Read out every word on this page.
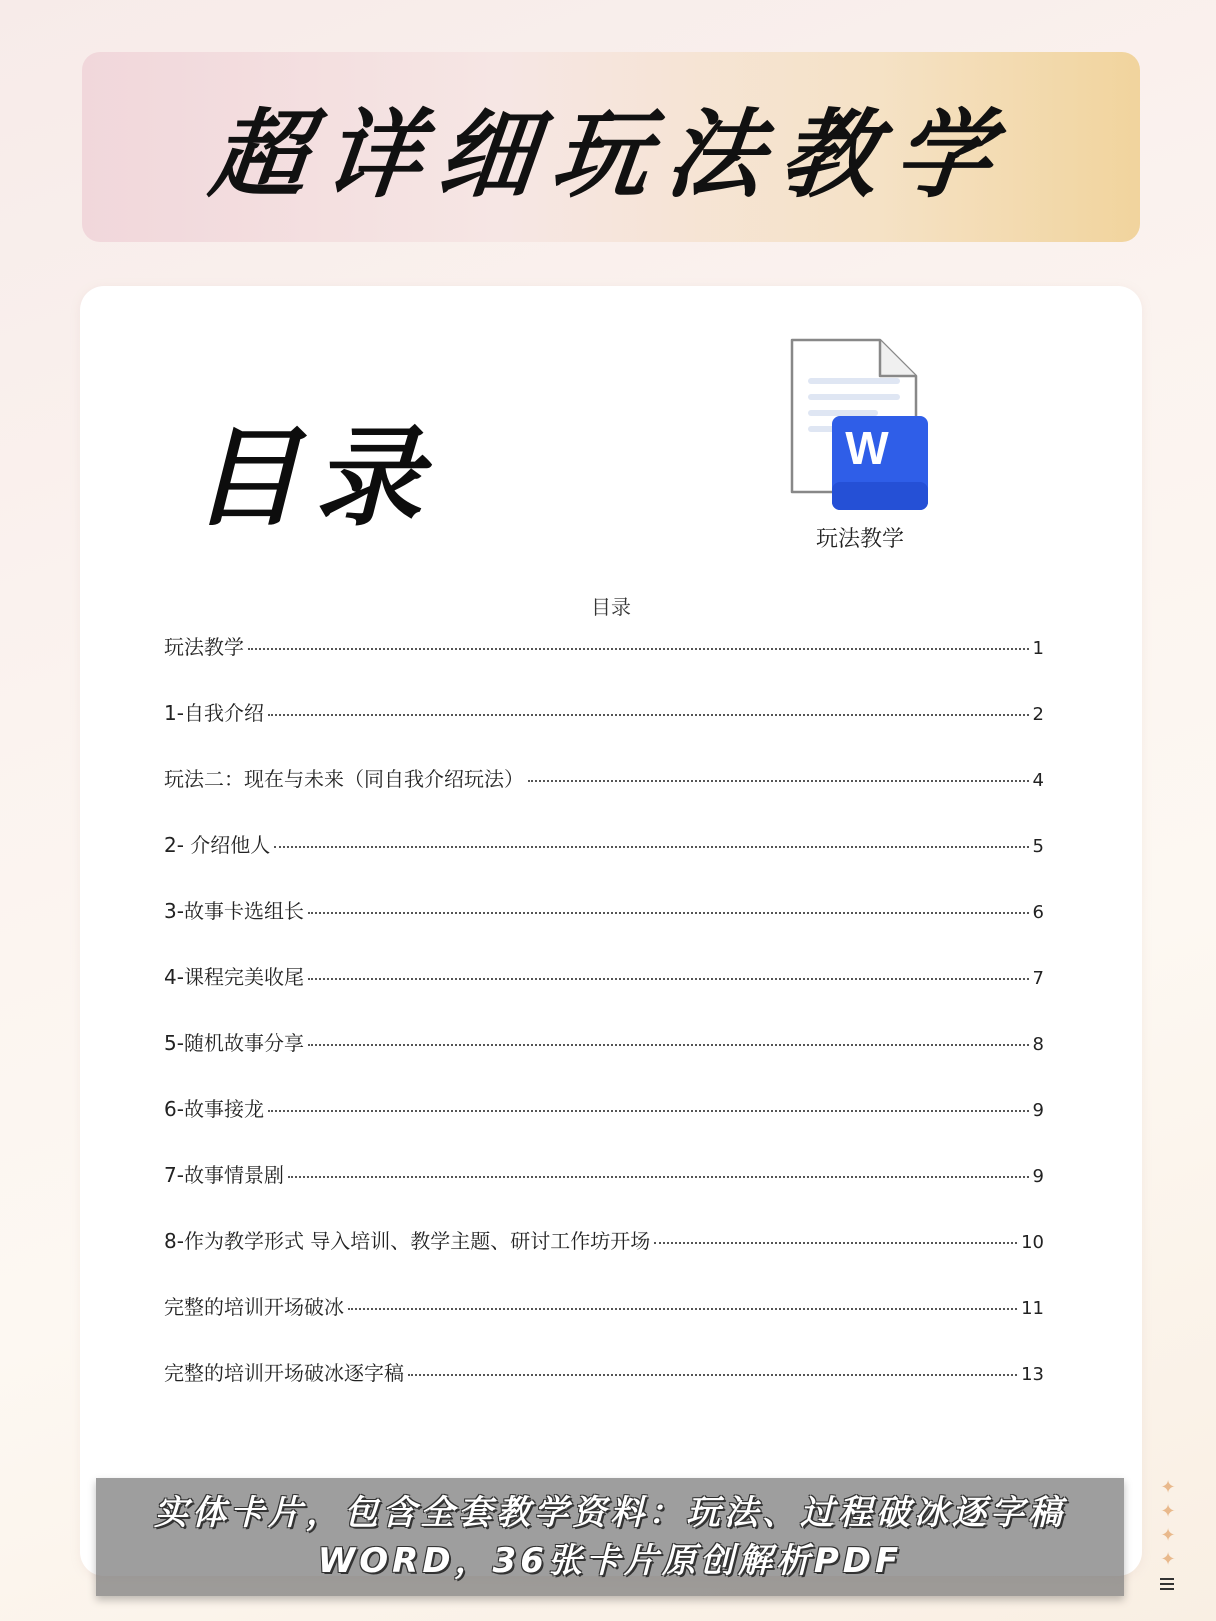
超详细玩法教学
目录	W
玩法教学
目录
玩法教学	1
1-自我介绍	2
玩法二：现在与未来（同自我介绍玩法）	4
2- 介绍他人	5
3-故事卡选组长	6
4-课程完美收尾	7
5-随机故事分享	8
6-故事接龙	9
7-故事情景剧	9
8-作为教学形式 导入培训、教学主题、研讨工作坊开场	10
完整的培训开场破冰	11
完整的培训开场破冰逐字稿	13
实体卡片，包含全套教学资料：玩法、过程破冰逐字稿
WORD，36张卡片原创解析PDF
✦
✦
✦
✦
